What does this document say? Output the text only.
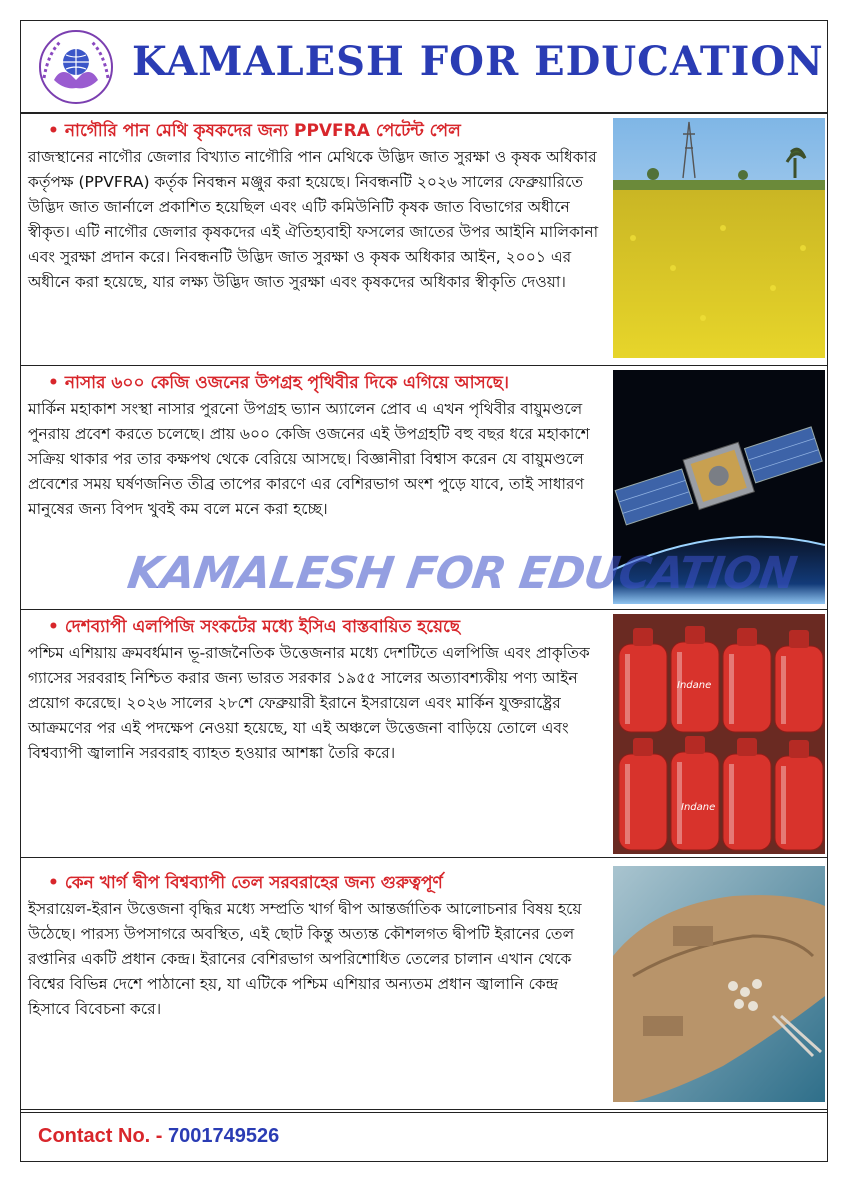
KAMALESH FOR EDUCATION
• নাগৌরি পান মেথি কৃষকদের জন্য PPVFRA পেটেন্ট পেল
রাজস্থানের নাগৌর জেলার বিখ্যাত নাগৌরি পান মেথিকে উদ্ভিদ জাত সুরক্ষা ও কৃষক অধিকার কর্তৃপক্ষ (PPVFRA) কর্তৃক নিবন্ধন মঞ্জুর করা হয়েছে। নিবন্ধনটি ২০২৬ সালের ফেব্রুয়ারিতে উদ্ভিদ জাত জার্নালে প্রকাশিত হয়েছিল এবং এটি কমিউনিটি কৃষক জাত বিভাগের অধীনে স্বীকৃত। এটি নাগৌর জেলার কৃষকদের এই ঐতিহ্যবাহী ফসলের জাতের উপর আইনি মালিকানা এবং সুরক্ষা প্রদান করে। নিবন্ধনটি উদ্ভিদ জাত সুরক্ষা ও কৃষক অধিকার আইন, ২০০১ এর অধীনে করা হয়েছে, যার লক্ষ্য উদ্ভিদ জাত সুরক্ষা এবং কৃষকদের অধিকার স্বীকৃতি দেওয়া।
• নাসার ৬০০ কেজি ওজনের উপগ্রহ পৃথিবীর দিকে এগিয়ে আসছে।
মার্কিন মহাকাশ সংস্থা নাসার পুরনো উপগ্রহ ভ্যান অ্যালেন প্রোব এ এখন পৃথিবীর বায়ুমণ্ডলে পুনরায় প্রবেশ করতে চলেছে। প্রায় ৬০০ কেজি ওজনের এই উপগ্রহটি বহু বছর ধরে মহাকাশে সক্রিয় থাকার পর তার কক্ষপথ থেকে বেরিয়ে আসছে। বিজ্ঞানীরা বিশ্বাস করেন যে বায়ুমণ্ডলে প্রবেশের সময় ঘর্ষণজনিত তীব্র তাপের কারণে এর বেশিরভাগ অংশ পুড়ে যাবে, তাই সাধারণ মানুষের জন্য বিপদ খুবই কম বলে মনে করা হচ্ছে।
KAMALESH FOR EDUCATION
• দেশব্যাপী এলপিজি সংকটের মধ্যে ইসিএ বাস্তবায়িত হয়েছে
পশ্চিম এশিয়ায় ক্রমবর্ধমান ভূ-রাজনৈতিক উত্তেজনার মধ্যে দেশটিতে এলপিজি এবং প্রাকৃতিক গ্যাসের সরবরাহ নিশ্চিত করার জন্য ভারত সরকার ১৯৫৫ সালের অত্যাবশ্যকীয় পণ্য আইন প্রয়োগ করেছে। ২০২৬ সালের ২৮শে ফেব্রুয়ারী ইরানে ইসরায়েল এবং মার্কিন যুক্তরাষ্ট্রের আক্রমণের পর এই পদক্ষেপ নেওয়া হয়েছে, যা এই অঞ্চলে উত্তেজনা বাড়িয়ে তোলে এবং বিশ্বব্যাপী জ্বালানি সরবরাহ ব্যাহত হওয়ার আশঙ্কা তৈরি করে।
Indane
Indane
• কেন খার্গ দ্বীপ বিশ্বব্যাপী তেল সরবরাহের জন্য গুরুত্বপূর্ণ
ইসরায়েল-ইরান উত্তেজনা বৃদ্ধির মধ্যে সম্প্রতি খার্গ দ্বীপ আন্তর্জাতিক আলোচনার বিষয় হয়ে উঠেছে। পারস্য উপসাগরে অবস্থিত, এই ছোট কিন্তু অত্যন্ত কৌশলগত দ্বীপটি ইরানের তেল রপ্তানির একটি প্রধান কেন্দ্র। ইরানের বেশিরভাগ অপরিশোধিত তেলের চালান এখান থেকে বিশ্বের বিভিন্ন দেশে পাঠানো হয়, যা এটিকে পশ্চিম এশিয়ার অন্যতম প্রধান জ্বালানি কেন্দ্র হিসাবে বিবেচনা করে।
Contact No. - 7001749526
